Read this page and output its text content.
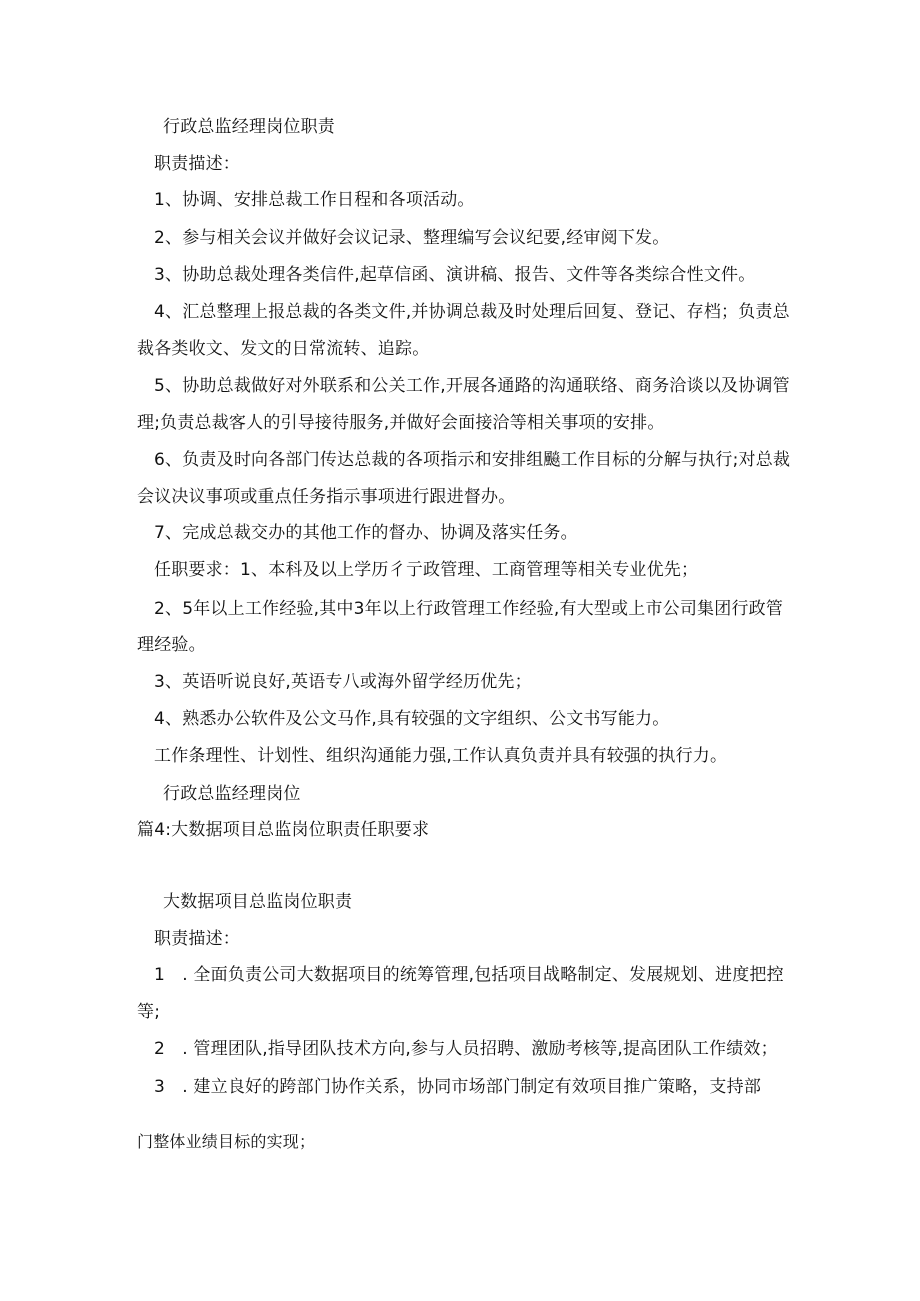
行政总监经理岗位职责

职责描述：

1、协调、安排总裁工作日程和各项活动。

2、参与相关会议并做好会议记录、整理编写会议纪要,经审阅下发。

3、协助总裁处理各类信件,起草信函、演讲稿、报告、文件等各类综合性文件。

4、汇总整理上报总裁的各类文件,并协调总裁及时处理后回复、登记、存档；负责总

裁各类收文、发文的日常流转、追踪。

5、协助总裁做好对外联系和公关工作,开展各通路的沟通联络、商务洽谈以及协调管

理;负责总裁客人的引导接待服务,并做好会面接洽等相关事项的安排。

6、负责及时向各部门传达总裁的各项指示和安排组飈工作目标的分解与执行;对总裁

会议决议事项或重点任务指示事项进行跟进督办。

7、完成总裁交办的其他工作的督办、协调及落实任务。

任职要求：1、本科及以上学历彳亍政管理、工商管理等相关专业优先；

2、5年以上工作经验,其中3年以上行政管理工作经验,有大型或上市公司集团行政管

理经验。

3、英语听说良好,英语专八或海外留学经历优先；

4、熟悉办公软件及公文马作,具有较强的文字组织、公文书写能力。

工作条理性、计划性、组织沟通能力强,工作认真负责并具有较强的执行力。

行政总监经理岗位

篇4:大数据项目总监岗位职责任职要求

大数据项目总监岗位职责

职责描述：

1　. 全面负责公司大数据项目的统筹管理,包括项目战略制定、发展规划、进度把控

等;

2　. 管理团队,指导团队技术方向,参与人员招聘、激励考核等,提高团队工作绩效；

3　. 建立良好的跨部门协作关系，协同市场部门制定有效项目推广策略，支持部

门整体业绩目标的实现；
